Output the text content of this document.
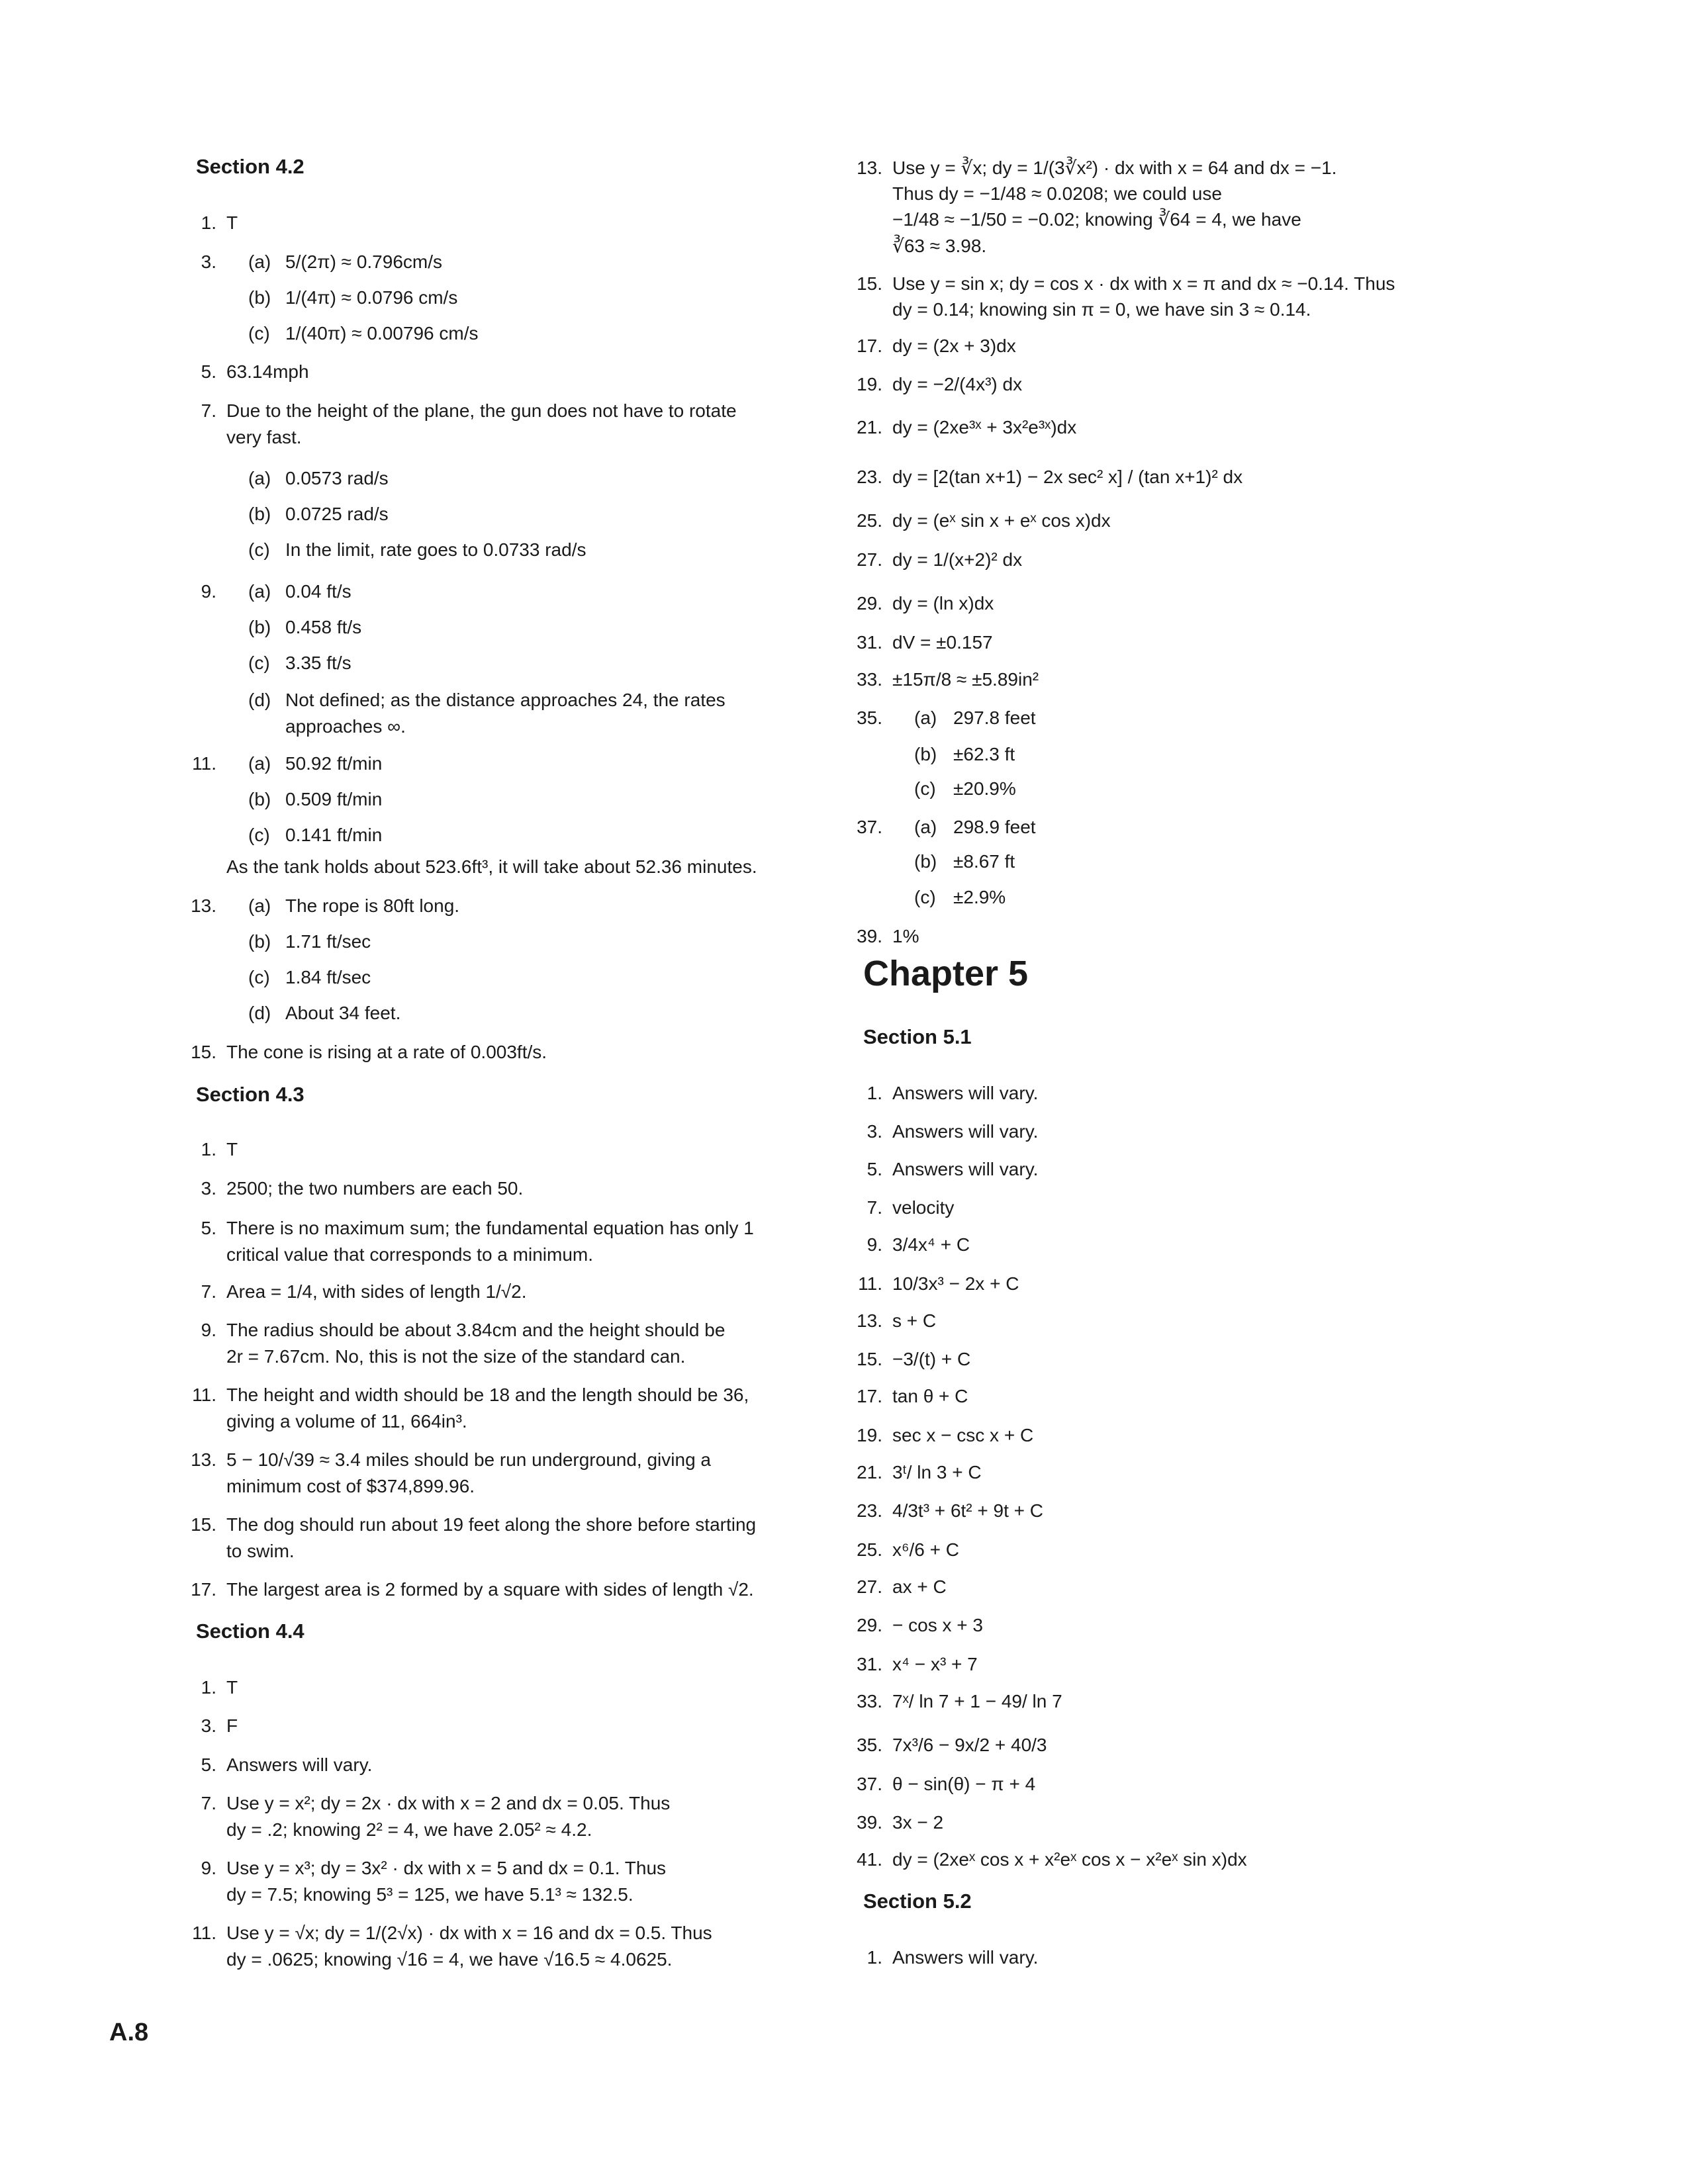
A.8
Section 4.2
1. T
3. (a) 5/(2π) ≈ 0.796cm/s
(b) 1/(4π) ≈ 0.0796 cm/s
(c) 1/(40π) ≈ 0.00796 cm/s
5. 63.14mph
7. Due to the height of the plane, the gun does not have to rotate
very fast.
(a) 0.0573 rad/s
(b) 0.0725 rad/s
(c) In the limit, rate goes to 0.0733 rad/s
9. (a) 0.04 ft/s
(b) 0.458 ft/s
(c) 3.35 ft/s
(d) Not defined; as the distance approaches 24, the rates
approaches ∞.
11. (a) 50.92 ft/min
(b) 0.509 ft/min
(c) 0.141 ft/min
As the tank holds about 523.6ft³, it will take about 52.36 minutes.
13. (a) The rope is 80ft long.
(b) 1.71 ft/sec
(c) 1.84 ft/sec
(d) About 34 feet.
15. The cone is rising at a rate of 0.003ft/s.
Section 4.3
1. T
3. 2500; the two numbers are each 50.
5. There is no maximum sum; the fundamental equation has only 1
critical value that corresponds to a minimum.
7. Area = 1/4, with sides of length 1/√2.
9. The radius should be about 3.84cm and the height should be
2r = 7.67cm. No, this is not the size of the standard can.
11. The height and width should be 18 and the length should be 36,
giving a volume of 11, 664in³.
13. 5 − 10/√39 ≈ 3.4 miles should be run underground, giving a
minimum cost of $374,899.96.
15. The dog should run about 19 feet along the shore before starting
to swim.
17. The largest area is 2 formed by a square with sides of length √2.
Section 4.4
1. T
3. F
5. Answers will vary.
7. Use y = x²; dy = 2x · dx with x = 2 and dx = 0.05. Thus
dy = .2; knowing 2² = 4, we have 2.05² ≈ 4.2.
9. Use y = x³; dy = 3x² · dx with x = 5 and dx = 0.1. Thus
dy = 7.5; knowing 5³ = 125, we have 5.1³ ≈ 132.5.
11. Use y = √x; dy = 1/(2√x) · dx with x = 16 and dx = 0.5. Thus
dy = .0625; knowing √16 = 4, we have √16.5 ≈ 4.0625.
13. Use y = ∛x; dy = 1/(3∛x²) · dx with x = 64 and dx = −1.
Thus dy = −1/48 ≈ 0.0208; we could use
−1/48 ≈ −1/50 = −0.02; knowing ∛64 = 4, we have
∛63 ≈ 3.98.
15. Use y = sin x; dy = cos x · dx with x = π and dx ≈ −0.14. Thus
dy = 0.14; knowing sin π = 0, we have sin 3 ≈ 0.14.
17. dy = (2x + 3)dx
19. dy = −2/(4x³) dx
21. dy = (2xe³ˣ + 3x²e³ˣ)dx
23. dy = [2(tan x+1) − 2x sec² x] / (tan x+1)² dx
25. dy = (eˣ sin x + eˣ cos x)dx
27. dy = 1/(x+2)² dx
29. dy = (ln x)dx
31. dV = ±0.157
33. ±15π/8 ≈ ±5.89in²
35. (a) 297.8 feet
(b) ±62.3 ft
(c) ±20.9%
37. (a) 298.9 feet
(b) ±8.67 ft
(c) ±2.9%
39. 1%
Chapter 5
Section 5.1
1. Answers will vary.
3. Answers will vary.
5. Answers will vary.
7. velocity
9. 3/4x⁴ + C
11. 10/3x³ − 2x + C
13. s + C
15. −3/(t) + C
17. tan θ + C
19. sec x − csc x + C
21. 3ᵗ/ ln 3 + C
23. 4/3t³ + 6t² + 9t + C
25. x⁶/6 + C
27. ax + C
29. − cos x + 3
31. x⁴ − x³ + 7
33. 7ˣ/ ln 7 + 1 − 49/ ln 7
35. 7x³/6 − 9x/2 + 40/3
37. θ − sin(θ) − π + 4
39. 3x − 2
41. dy = (2xeˣ cos x + x²eˣ cos x − x²eˣ sin x)dx
Section 5.2
1. Answers will vary.
